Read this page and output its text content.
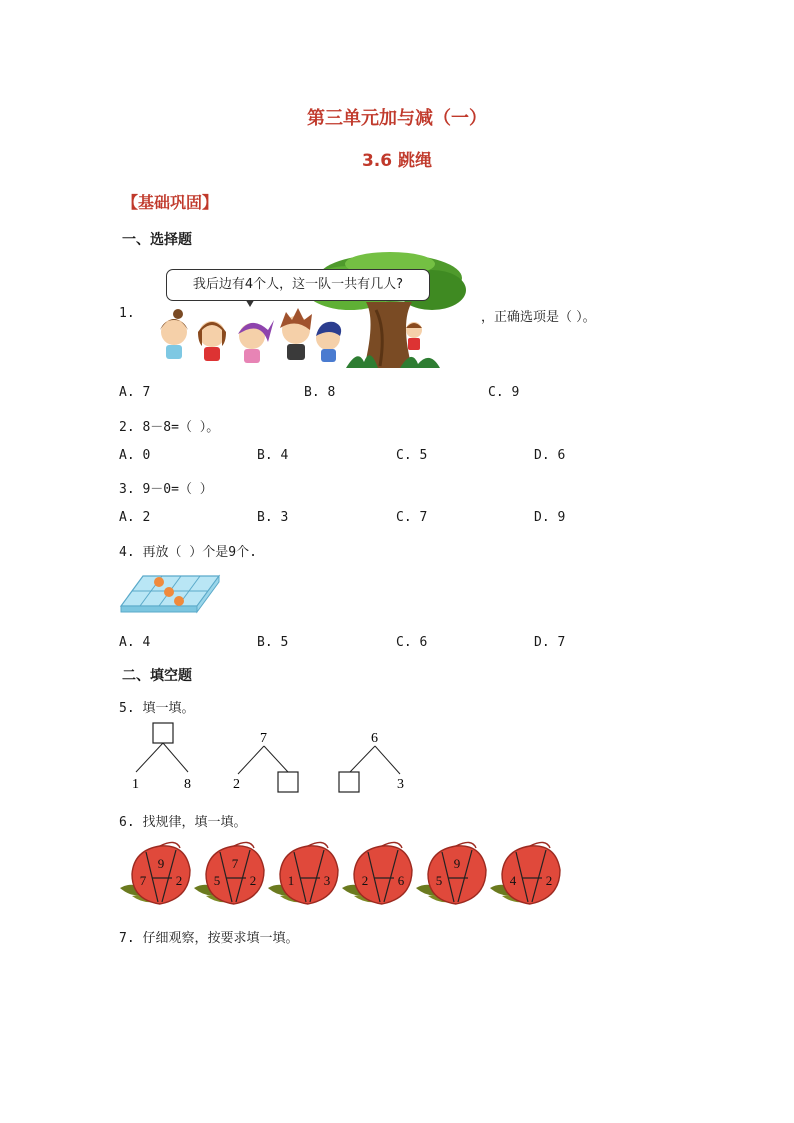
第三单元加与减（一）
3.6 跳绳
【基础巩固】
一、选择题
1.
我后边有4个人，这一队一共有几人?
，正确选项是（ ）。
A. 7	B. 8	C. 9
2. 8－8=（ ）。
A. 0	B. 4	C. 5	D. 6
3. 9－0=（ ）
A. 2	B. 3	C. 7	D. 9
4. 再放（ ）个是9个.
A. 4	B. 5	C. 6	D. 7
二、填空题
5. 填一填。
1	8
7
2
6
3
6. 找规律，填一填。
9
7 2
7
5 2 1 3 2 6
9
5	4 2
7. 仔细观察，按要求填一填。
